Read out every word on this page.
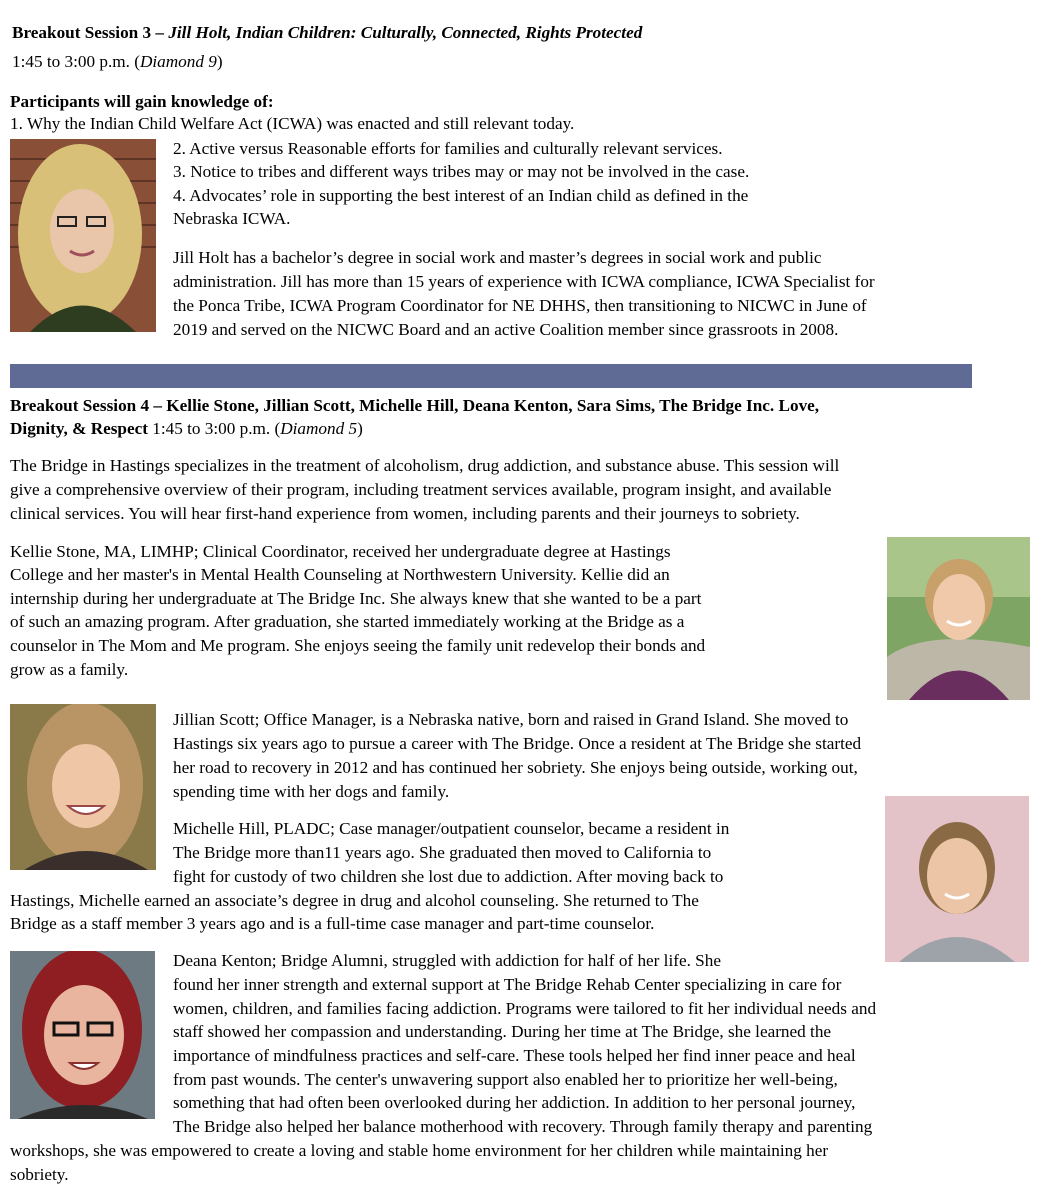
Breakout Session 3 – Jill Holt, Indian Children: Culturally, Connected, Rights Protected
1:45 to 3:00 p.m. (Diamond 9)
Participants will gain knowledge of:
1. Why the Indian Child Welfare Act (ICWA) was enacted and still relevant today.
2. Active versus Reasonable efforts for families and culturally relevant services.
3. Notice to tribes and different ways tribes may or may not be involved in the case.
4. Advocates’ role in supporting the best interest of an Indian child as defined in the
Nebraska ICWA.
Jill Holt has a bachelor’s degree in social work and master’s degrees in social work and public
administration. Jill has more than 15 years of experience with ICWA compliance, ICWA Specialist for
the Ponca Tribe, ICWA Program Coordinator for NE DHHS, then transitioning to NICWC in June of
2019 and served on the NICWC Board and an active Coalition member since grassroots in 2008.
Breakout Session 4 – Kellie Stone, Jillian Scott, Michelle Hill, Deana Kenton, Sara Sims, The Bridge Inc. Love,
Dignity, & Respect 1:45 to 3:00 p.m. (Diamond 5)
The Bridge in Hastings specializes in the treatment of alcoholism, drug addiction, and substance abuse. This session will
give a comprehensive overview of their program, including treatment services available, program insight, and available
clinical services. You will hear first-hand experience from women, including parents and their journeys to sobriety.
Kellie Stone, MA, LIMHP; Clinical Coordinator, received her undergraduate degree at Hastings
College and her master's in Mental Health Counseling at Northwestern University. Kellie did an
internship during her undergraduate at The Bridge Inc. She always knew that she wanted to be a part
of such an amazing program. After graduation, she started immediately working at the Bridge as a
counselor in The Mom and Me program. She enjoys seeing the family unit redevelop their bonds and
grow as a family.
Jillian Scott; Office Manager, is a Nebraska native, born and raised in Grand Island. She moved to
Hastings six years ago to pursue a career with The Bridge. Once a resident at The Bridge she started
her road to recovery in 2012 and has continued her sobriety. She enjoys being outside, working out,
spending time with her dogs and family.
Michelle Hill, PLADC; Case manager/outpatient counselor, became a resident in
The Bridge more than11 years ago. She graduated then moved to California to
fight for custody of two children she lost due to addiction. After moving back to
Hastings, Michelle earned an associate’s degree in drug and alcohol counseling. She returned to The
Bridge as a staff member 3 years ago and is a full-time case manager and part-time counselor.
Deana Kenton; Bridge Alumni, struggled with addiction for half of her life. She
found her inner strength and external support at The Bridge Rehab Center specializing in care for
women, children, and families facing addiction. Programs were tailored to fit her individual needs and
staff showed her compassion and understanding. During her time at The Bridge, she learned the
importance of mindfulness practices and self-care. These tools helped her find inner peace and heal
from past wounds. The center's unwavering support also enabled her to prioritize her well-being,
something that had often been overlooked during her addiction. In addition to her personal journey,
The Bridge also helped her balance motherhood with recovery. Through family therapy and parenting
workshops, she was empowered to create a loving and stable home environment for her children while maintaining her
sobriety.
